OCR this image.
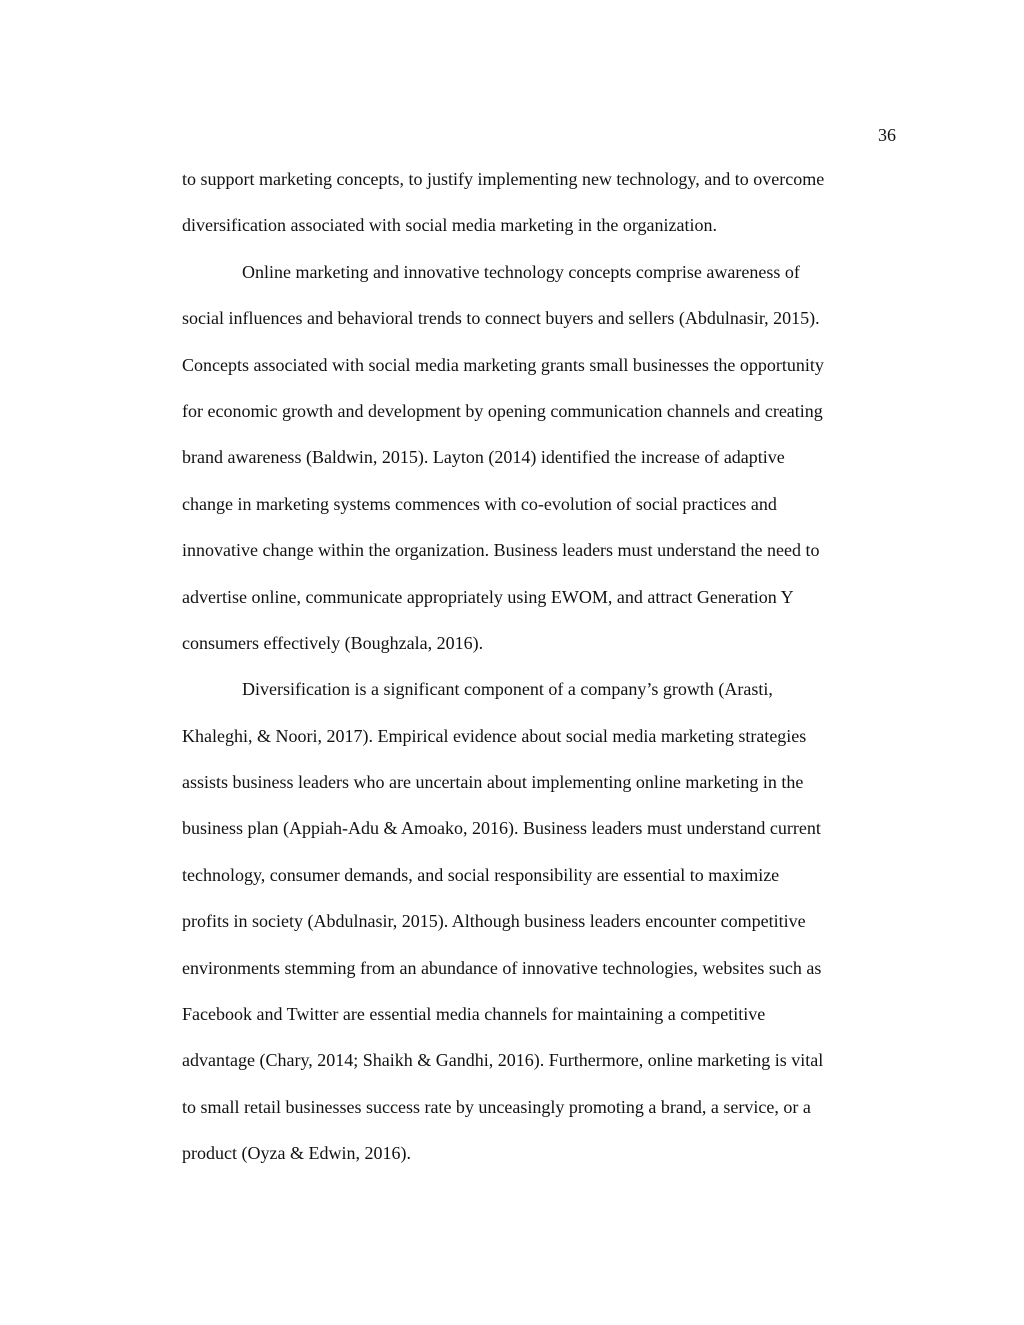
36

to support marketing concepts, to justify implementing new technology, and to overcome
diversification associated with social media marketing in the organization.
Online marketing and innovative technology concepts comprise awareness of
social influences and behavioral trends to connect buyers and sellers (Abdulnasir, 2015).
Concepts associated with social media marketing grants small businesses the opportunity
for economic growth and development by opening communication channels and creating
brand awareness (Baldwin, 2015). Layton (2014) identified the increase of adaptive
change in marketing systems commences with co-evolution of social practices and
innovative change within the organization. Business leaders must understand the need to
advertise online, communicate appropriately using EWOM, and attract Generation Y
consumers effectively (Boughzala, 2016).
Diversification is a significant component of a company’s growth (Arasti,
Khaleghi, & Noori, 2017). Empirical evidence about social media marketing strategies
assists business leaders who are uncertain about implementing online marketing in the
business plan (Appiah-Adu & Amoako, 2016). Business leaders must understand current
technology, consumer demands, and social responsibility are essential to maximize
profits in society (Abdulnasir, 2015). Although business leaders encounter competitive
environments stemming from an abundance of innovative technologies, websites such as
Facebook and Twitter are essential media channels for maintaining a competitive
advantage (Chary, 2014; Shaikh & Gandhi, 2016). Furthermore, online marketing is vital
to small retail businesses success rate by unceasingly promoting a brand, a service, or a
product (Oyza & Edwin, 2016).
